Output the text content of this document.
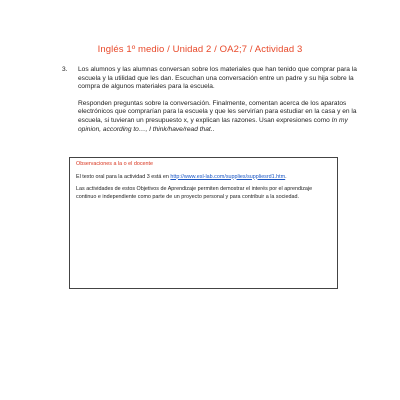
Inglés 1º medio / Unidad 2 / OA2;7 / Actividad 3
3. Los alumnos y las alumnas conversan sobre los materiales que han tenido que comprar para la escuela y la utilidad que les dan. Escuchan una conversación entre un padre y su hija sobre la compra de algunos materiales para la escuela.
Responden preguntas sobre la conversación. Finalmente, comentan acerca de los aparatos electrónicos que comprarían para la escuela y que les servirían para estudiar en la casa y en la escuela, si tuvieran un presupuesto x, y explican las razones. Usan expresiones como In my opinion, according to…, I think/have/read that..
Observaciones a la o el docente
El texto oral para la actividad 3 está en http://www.esl-lab.com/supplies/suppliesrd1.htm.
Las actividades de estos Objetivos de Aprendizaje permiten demostrar el interés por el aprendizaje continuo e independiente como parte de un proyecto personal y para contribuir a la sociedad.
